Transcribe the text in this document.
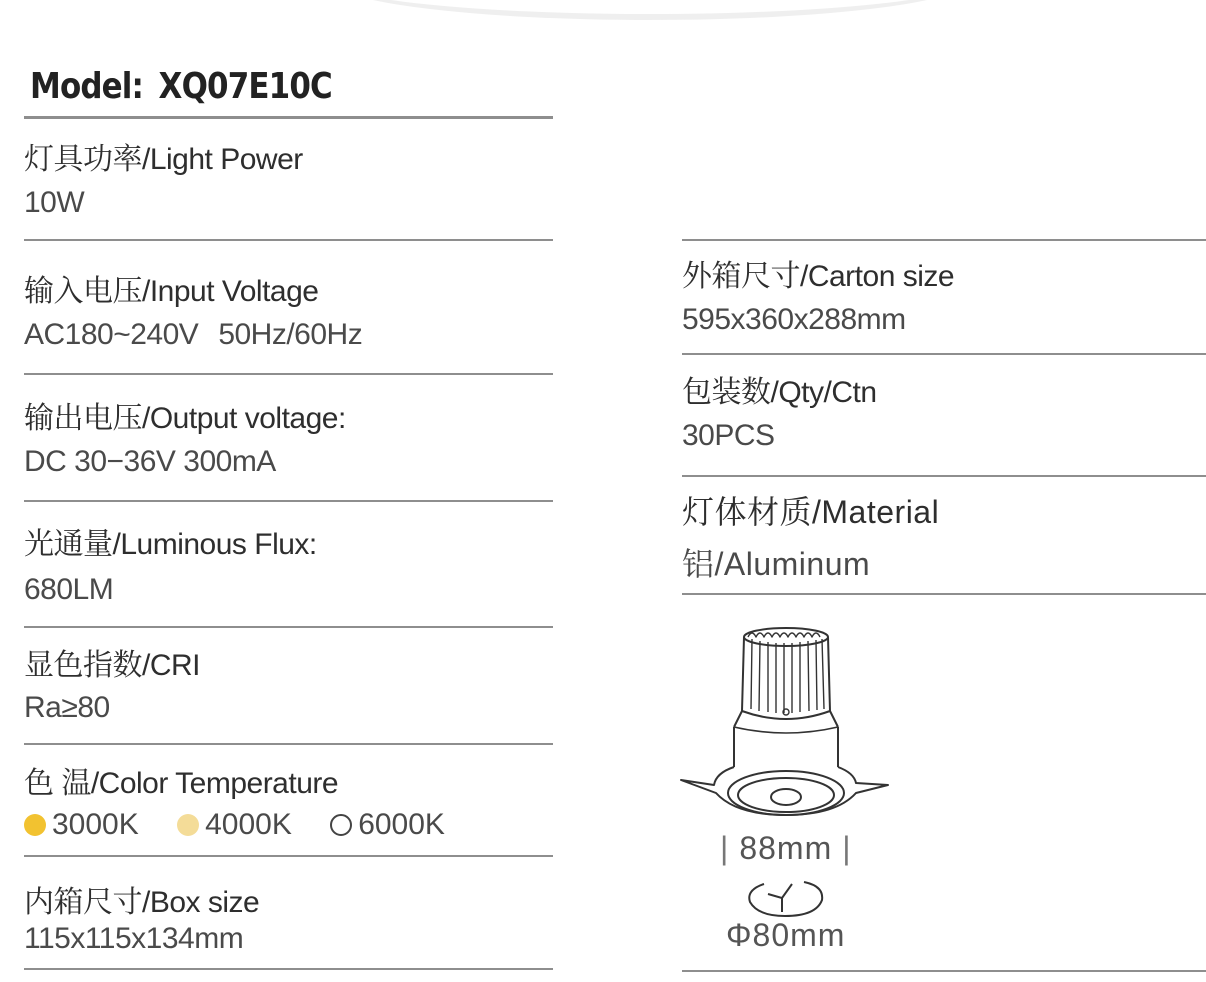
Model: XQ07E10C
灯具功率/Light Power
10W
输入电压/Input Voltage
AC180~240V 50Hz/60Hz
输出电压/Output voltage:
DC 30−36V 300mA
光通量/Luminous Flux:
680LM
显色指数/CRI
Ra≥80
色 温/Color Temperature
3000K
4000K
6000K
内箱尺寸/Box size
115x115x134mm
外箱尺寸/Carton size
595x360x288mm
包装数/Qty/Ctn
30PCS
灯体材质/Material
铝/Aluminum
| 88mm |
Φ80mm
